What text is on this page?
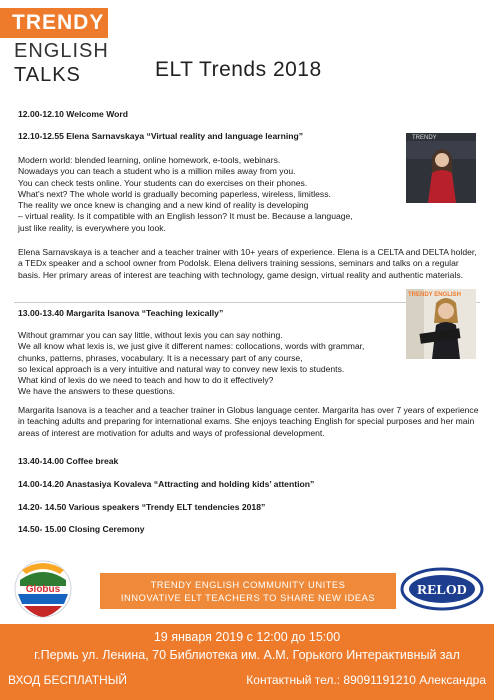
TRENDY
ENGLISH
TALKS	ELT Trends 2018

12.00-12.10 Welcome Word

12.10-12.55 Elena Sarnavskaya “Virtual reality and language learning”

Modern world: blended learning, online homework, e-tools, webinars.
Nowadays you can teach a student who is a million miles away from you.
You can check tests online. Your students can do exercises on their phones.
What's next? The whole world is gradually becoming paperless, wireless, limitless.
The reality we once knew is changing and a new kind of reality is developing
– virtual reality. Is it compatible with an English lesson? It must be. Because a language,
just like reality, is everywhere you look.

Elena Sarnavskaya is a teacher and a teacher trainer with 10+ years of experience. Elena is a CELTA and DELTA holder, a TEDx speaker and a school owner from Podolsk. Elena delivers training sessions, seminars and talks on a regular basis. Her primary areas of interest are teaching with technology, game design, virtual reality and authentic materials.

TRENDY

13.00-13.40 Margarita Isanova “Teaching lexically”

Without grammar you can say little, without lexis you can say nothing.
We all know what lexis is, we just give it different names: collocations, words with grammar,
chunks, patterns, phrases, vocabulary. It is a necessary part of any course,
so lexical approach is a very intuitive and natural way to convey new lexis to students.
What kind of lexis do we need to teach and how to do it effectively?
We have the answers to these questions.

Margarita Isanova is a teacher and a teacher trainer in Globus language center. Margarita has over 7 years of experience in teaching adults and preparing for international exams. She enjoys teaching English for special purposes and her main areas of interest are motivation for adults and ways of professional development.

TRENDY ENGLISH

13.40-14.00 Coffee break

14.00-14.20 Anastasiya Kovaleva “Attracting and holding kids’ attention”

14.20- 14.50 Various speakers “Trendy ELT tendencies 2018”

14.50- 15.00 Closing Ceremony

Globus	TRENDY ENGLISH COMMUNITY UNITES
INNOVATIVE ELT TEACHERS TO SHARE NEW IDEAS	RELOD
19 января 2019 с 12:00 до 15:00
г.Пермь ул. Ленина, 70 Библиотека им. А.М. Горького Интерактивный зал
ВХОД БЕСПЛАТНЫЙ	Контактный тел.: 89091191210 Александра
